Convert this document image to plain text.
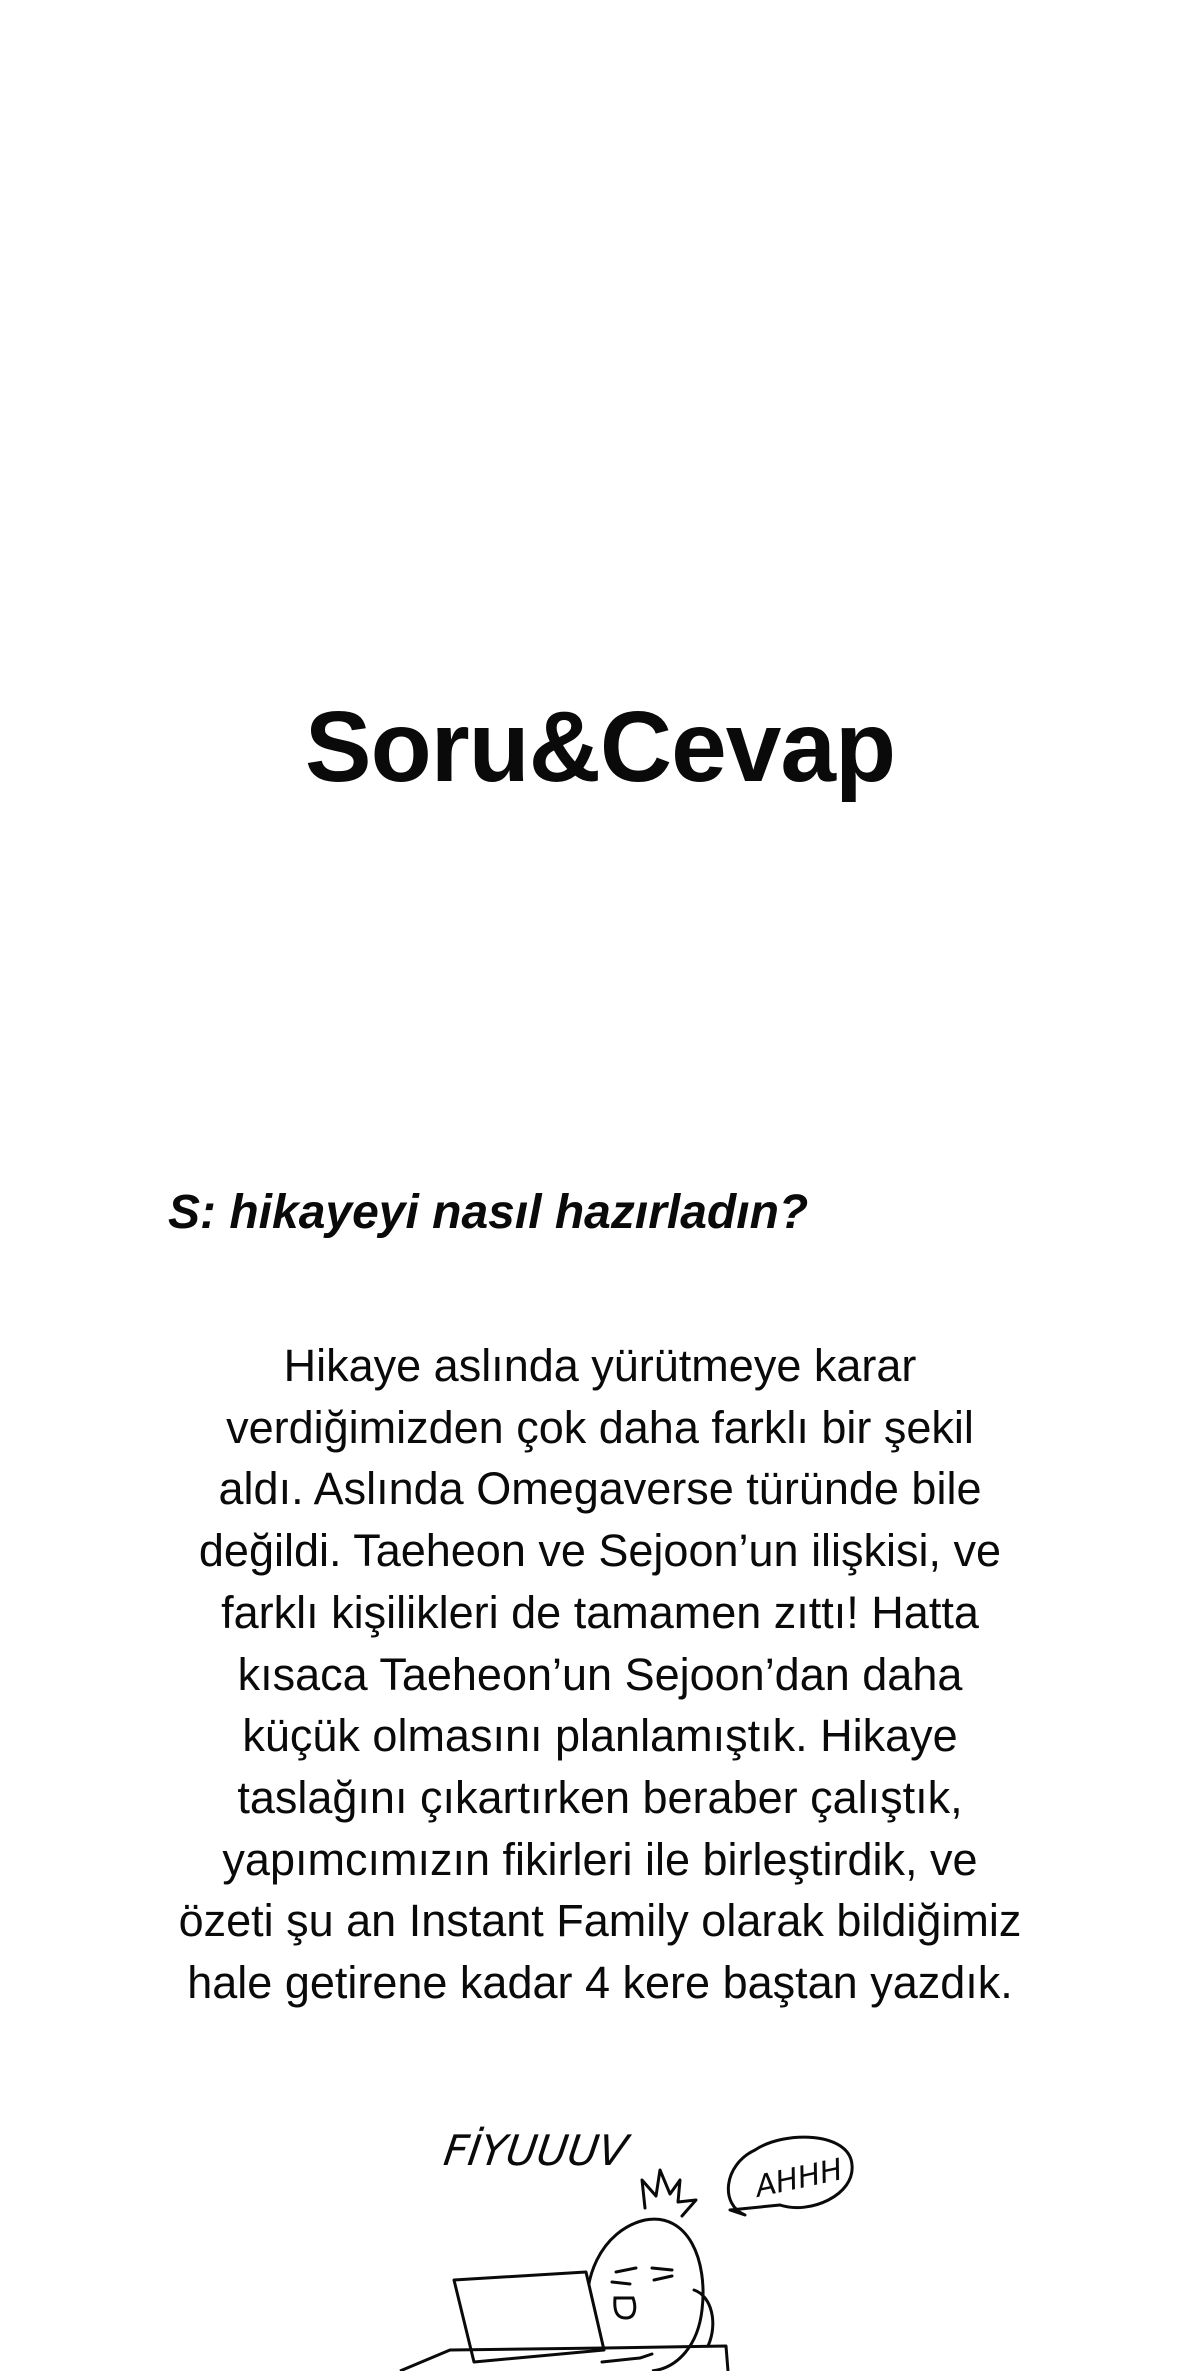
Soru&Cevap
S: hikayeyi nasıl hazırladın?
Hikaye aslında yürütmeye karar
verdiğimizden çok daha farklı bir şekil
aldı. Aslında Omegaverse türünde bile
değildi. Taeheon ve Sejoon’un ilişkisi, ve
farklı kişilikleri de tamamen zıttı! Hatta
kısaca Taeheon’un Sejoon’dan daha
küçük olmasını planlamıştık. Hikaye
taslağını çıkartırken beraber çalıştık,
yapımcımızın fikirleri ile birleştirdik, ve
özeti şu an Instant Family olarak bildiğimiz
hale getirene kadar 4 kere baştan yazdık.
FİYUUUV
AHHH
